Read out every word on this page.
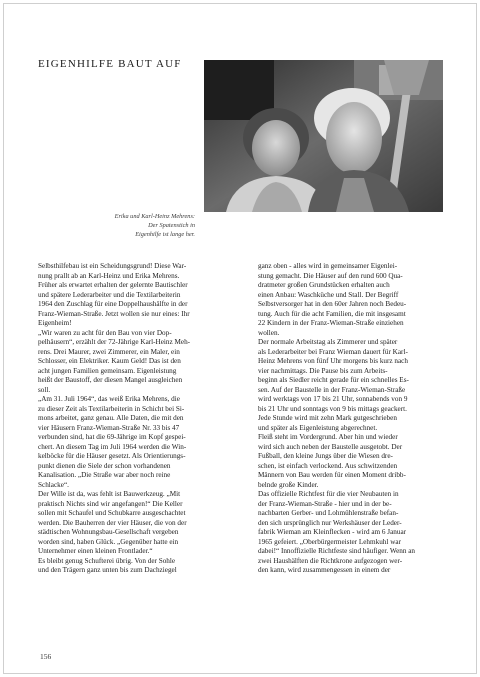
EIGENHILFE BAUT AUF
Erika und Karl-Heinz Mehrens:
Der Spatenstich in
Eigenhilfe ist lange her.

Selbsthilfebau ist ein Scheidungsgrund! Diese War-

nung prallt ab an Karl-Heinz und Erika Mehrens.

Früher als erwartet erhalten der gelernte Bautischler

und spätere Lederarbeiter und die Textilarbeiterin

1964 den Zuschlag für eine Doppelhaushälfte in der

Franz-Wieman-Straße. Jetzt wollen sie nur eines: Ihr

Eigenheim!

„Wir waren zu acht für den Bau von vier Dop-

pelhäusern“, erzählt der 72-Jährige Karl-Heinz Meh-

rens. Drei Maurer, zwei Zimmerer, ein Maler, ein

Schlosser, ein Elektriker. Kaum Geld! Das ist den

acht jungen Familien gemeinsam. Eigenleistung

heißt der Baustoff, der diesen Mangel ausgleichen

soll.

„Am 31. Juli 1964“, das weiß Erika Mehrens, die

zu dieser Zeit als Textilarbeiterin in Schicht bei Si-

mons arbeitet, ganz genau. Alle Daten, die mit den

vier Häusern Franz-Wieman-Straße Nr. 33 bis 47

verbunden sind, hat die 69-Jährige im Kopf gespei-

chert. An diesem Tag im Juli 1964 werden die Win-

kelböcke für die Häuser gesetzt. Als Orientierungs-

punkt dienen die Siele der schon vorhandenen

Kanalisation. „Die Straße war aber noch reine

Schlacke“.

Der Wille ist da, was fehlt ist Bauwerkzeug. „Mit

praktisch Nichts sind wir angefangen!“ Die Keller

sollen mit Schaufel und Schubkarre ausgeschachtet

werden. Die Bauherren der vier Häuser, die von der

städtischen Wohnungsbau-Gesellschaft vergeben

worden sind, haben Glück. „Gegenüber hatte ein

Unternehmer einen kleinen Frontlader.“

Es bleibt genug Schufterei übrig. Von der Sohle

und den Trägern ganz unten bis zum Dachziegel

ganz oben - alles wird in gemeinsamer Eigenlei-

stung gemacht. Die Häuser auf den rund 600 Qua-

dratmeter großen Grundstücken erhalten auch

einen Anbau: Waschküche und Stall. Der Begriff

Selbstversorger hat in den 60er Jahren noch Bedeu-

tung. Auch für die acht Familien, die mit insgesamt

22 Kindern in der Franz-Wieman-Straße einziehen

wollen.

Der normale Arbeitstag als Zimmerer und später

als Lederarbeiter bei Franz Wieman dauert für Karl-

Heinz Mehrens von fünf Uhr morgens bis kurz nach

vier nachmittags. Die Pause bis zum Arbeits-

beginn als Siedler reicht gerade für ein schnelles Es-

sen. Auf der Baustelle in der Franz-Wieman-Straße

wird werktags von 17 bis 21 Uhr, sonnabends von 9

bis 21 Uhr und sonntags von 9 bis mittags geackert.

Jede Stunde wird mit zehn Mark gutgeschrieben

und später als Eigenleistung abgerechnet.

Fleiß steht im Vordergrund. Aber hin und wieder

wird sich auch neben der Baustelle ausgetobt. Der

Fußball, den kleine Jungs über die Wiesen dre-

schen, ist einfach verlockend. Aus schwitzenden

Männern von Bau werden für einen Moment dribb-

belnde große Kinder.

Das offizielle Richtfest für die vier Neubauten in

der Franz-Wieman-Straße - hier und in der be-

nachbarten Gerber- und Lohmühlenstraße befan-

den sich ursprünglich nur Werkshäuser der Leder-

fabrik Wieman am Kleinflecken - wird am 6 Januar

1965 gefeiert. „Oberbürgermeister Lehmkuhl war

dabei!“ Innoffizielle Richtfeste sind häufiger. Wenn an

zwei Haushälften die Richtkrone aufgezogen wer-

den kann, wird zusammengessen in einem der

156
